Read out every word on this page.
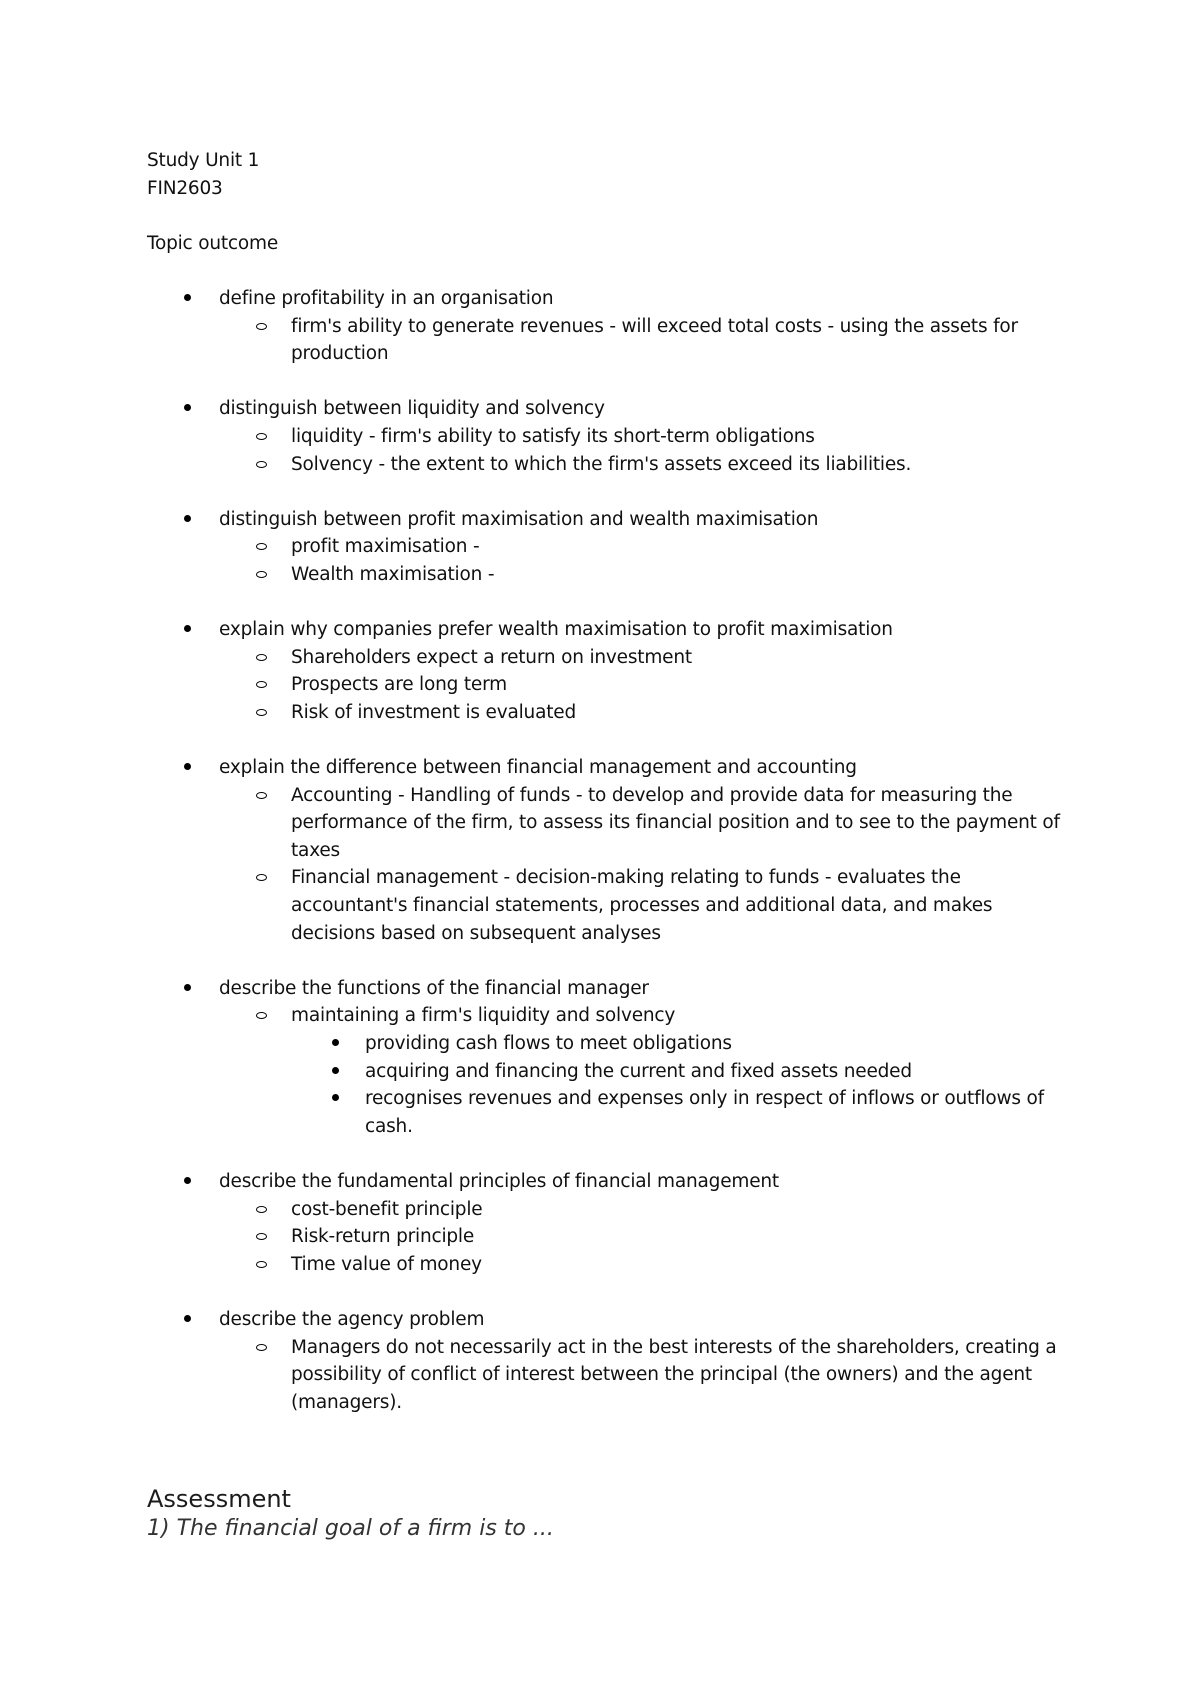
Study Unit 1

FIN2603

Topic outcome

define profitability in an organisation
firm's ability to generate revenues - will exceed total costs - using the assets for production
distinguish between liquidity and solvency
liquidity - firm's ability to satisfy its short-term obligations
Solvency - the extent to which the firm's assets exceed its liabilities.
distinguish between profit maximisation and wealth maximisation
profit maximisation -
Wealth maximisation -
explain why companies prefer wealth maximisation to profit maximisation
Shareholders expect a return on investment
Prospects are long term
Risk of investment is evaluated
explain the difference between financial management and accounting
Accounting - Handling of funds - to develop and provide data for measuring the performance of the firm, to assess its financial position and to see to the payment of taxes
Financial management - decision-making relating to funds - evaluates the accountant's financial statements, processes and additional data, and makes decisions based on subsequent analyses
describe the functions of the financial manager
maintaining a firm's liquidity and solvency
providing cash flows to meet obligations
acquiring and financing the current and fixed assets needed
recognises revenues and expenses only in respect of inflows or outflows of cash.
describe the fundamental principles of financial management
cost-benefit principle
Risk-return principle
Time value of money
describe the agency problem
Managers do not necessarily act in the best interests of the shareholders, creating a possibility of conflict of interest between the principal (the owners) and the agent (managers).

Assessment

1) The financial goal of a firm is to ...
